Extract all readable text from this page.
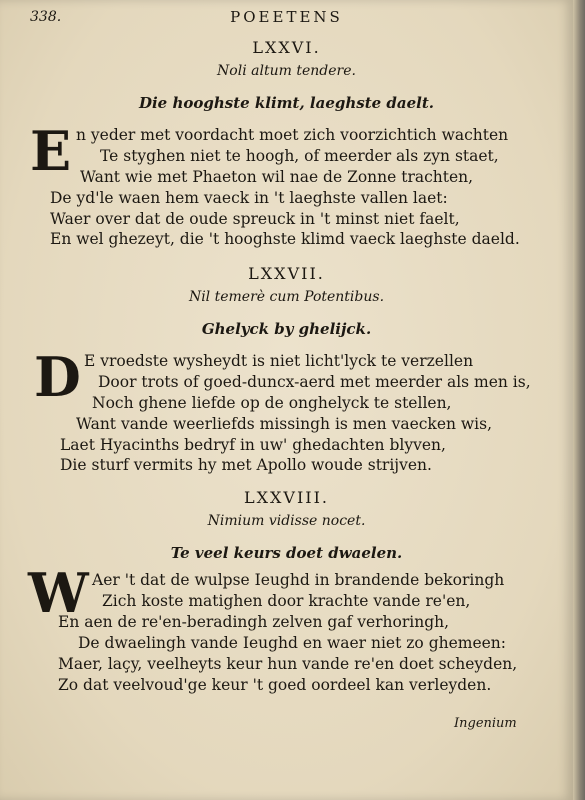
338.	POEETENS
LXXVI.
Noli altum tendere.
Die hooghste klimt, laeghste daelt.
E n yeder met voordacht moet zich voorzichtich wachten
Te styghen niet te hoogh, of meerder als zyn staet,
Want wie met Phaeton wil nae de Zonne trachten,
De yd'le waen hem vaeck in 't laeghste vallen laet:
Waer over dat de oude spreuck in 't minst niet faelt,
En wel ghezeyt, die 't hooghste klimd vaeck laeghste daeld.
LXXVII.
Nil temerè cum Potentibus.
Ghelyck by ghelijck.
D E vroedste wysheydt is niet licht'lyck te verzellen
Door trots of goed-duncx-aerd met meerder als men is,
Noch ghene liefde op de onghelyck te stellen,
Want vande weerliefds missingh is men vaecken wis,
Laet Hyacinths bedryf in uw' ghedachten blyven,
Die sturf vermits hy met Apollo woude strijven.
LXXVIII.
Nimium vidisse nocet.
Te veel keurs doet dwaelen.
W Aer 't dat de wulpse Ieughd in brandende bekoringh
Zich koste matighen door krachte vande re'en,
En aen de re'en-beradingh zelven gaf verhoringh,
De dwaelingh vande Ieughd en waer niet zo ghemeen:
Maer, laçy, veelheyts keur hun vande re'en doet scheyden,
Zo dat veelvoud'ge keur 't goed oordeel kan verleyden.
Ingenium
